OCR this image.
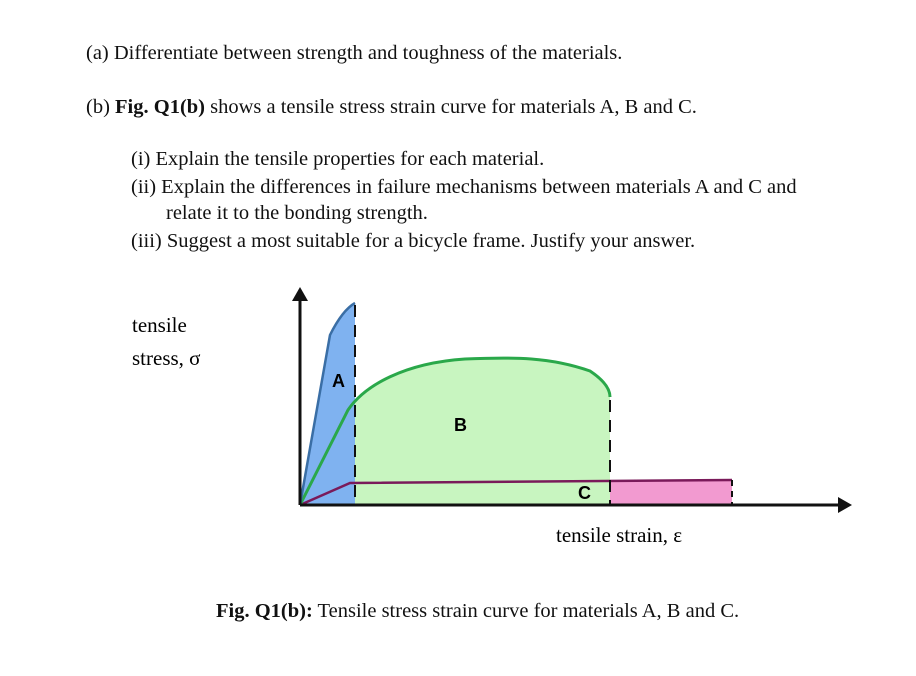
(a) Differentiate between strength and toughness of the materials.
(b) Fig. Q1(b) shows a tensile stress strain curve for materials A, B and C.
(i) Explain the tensile properties for each material.
(ii) Explain the differences in failure mechanisms between materials A and C and
relate it to the bonding strength.
(iii) Suggest a most suitable for a bicycle frame. Justify your answer.
A
B
C
tensile
stress, σ
tensile strain, ε
Fig. Q1(b): Tensile stress strain curve for materials A, B and C.
